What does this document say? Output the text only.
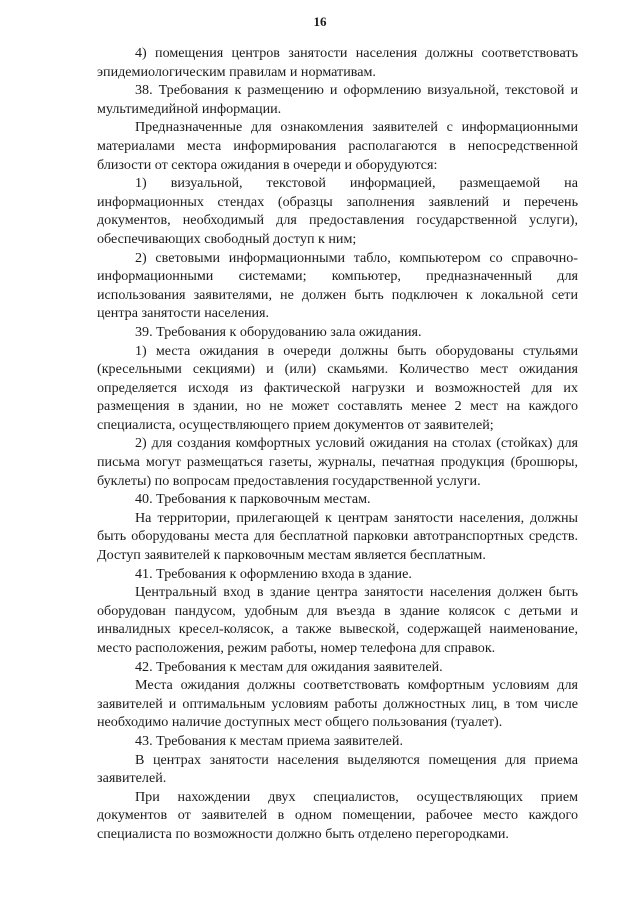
16

4) помещения центров занятости населения должны соответствовать эпидемиологическим правилам и нормативам.

38. Требования к размещению и оформлению визуальной, текстовой и мультимедийной информации.

Предназначенные для ознакомления заявителей с информационными материалами места информирования располагаются в непосредственной близости от сектора ожидания в очереди и оборудуются:

1) визуальной, текстовой информацией, размещаемой на информационных стендах (образцы заполнения заявлений и перечень документов, необходимый для предоставления государственной услуги), обеспечивающих свободный доступ к ним;

2) световыми информационными табло, компьютером со справочно-информационными системами; компьютер, предназначенный для использования заявителями, не должен быть подключен к локальной сети центра занятости населения.

39. Требования к оборудованию зала ожидания.

1) места ожидания в очереди должны быть оборудованы стульями (кресельными секциями) и (или) скамьями. Количество мест ожидания определяется исходя из фактической нагрузки и возможностей для их размещения в здании, но не может составлять менее 2 мест на каждого специалиста, осуществляющего прием документов от заявителей;

2) для создания комфортных условий ожидания на столах (стойках) для письма могут размещаться газеты, журналы, печатная продукция (брошюры, буклеты) по вопросам предоставления государственной услуги.

40. Требования к парковочным местам.

На территории, прилегающей к центрам занятости населения, должны быть оборудованы места для бесплатной парковки автотранспортных средств. Доступ заявителей к парковочным местам является бесплатным.

41. Требования к оформлению входа в здание.

Центральный вход в здание центра занятости населения должен быть оборудован пандусом, удобным для въезда в здание колясок с детьми и инвалидных кресел-колясок, а также вывеской, содержащей наименование, место расположения, режим работы, номер телефона для справок.

42. Требования к местам для ожидания заявителей.

Места ожидания должны соответствовать комфортным условиям для заявителей и оптимальным условиям работы должностных лиц, в том числе необходимо наличие доступных мест общего пользования (туалет).

43. Требования к местам приема заявителей.

В центрах занятости населения выделяются помещения для приема заявителей.

При нахождении двух специалистов, осуществляющих прием документов от заявителей в одном помещении, рабочее место каждого специалиста по возможности должно быть отделено перегородками.
